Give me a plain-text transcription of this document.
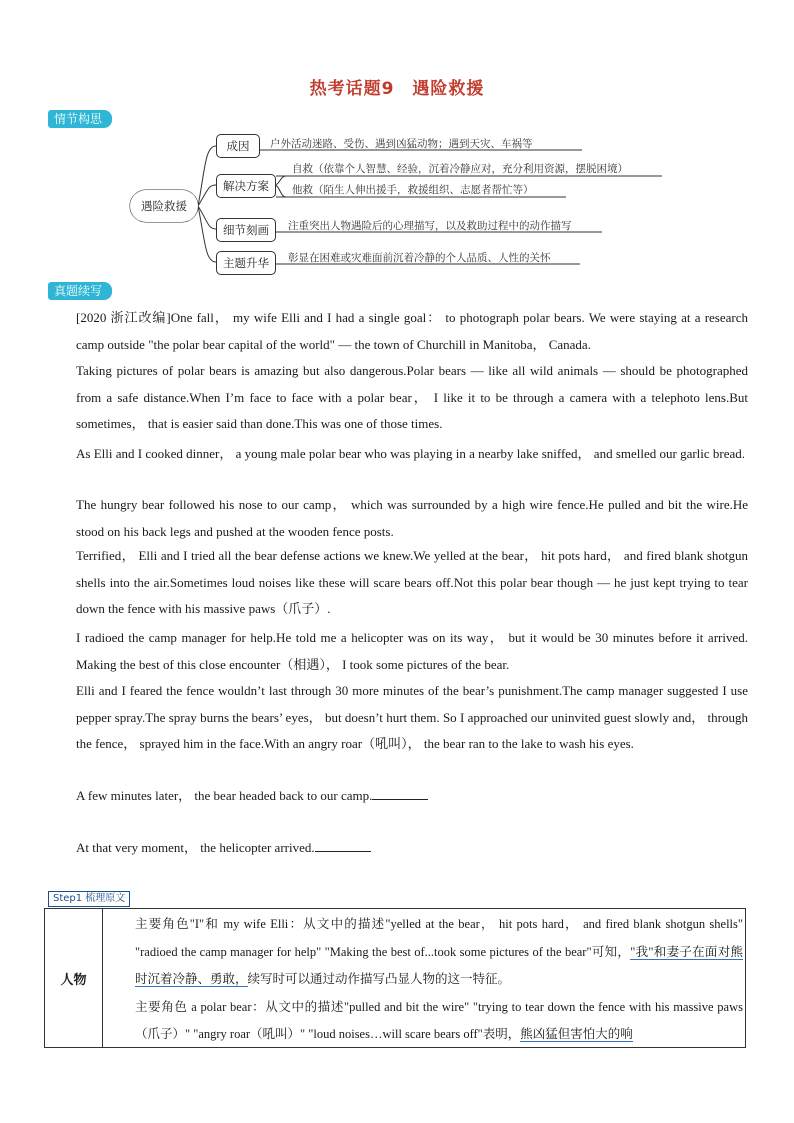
热考话题9　遇险救援
情节构思
遇险救援
成因
解决方案
细节刻画
主题升华
户外活动迷路、受伤、遇到凶猛动物；遇到天灾、车祸等
自救（依靠个人智慧、经验，沉着冷静应对，充分利用资源，摆脱困境）
他救（陌生人伸出援手，救援组织、志愿者帮忙等）
注重突出人物遇险后的心理描写，以及救助过程中的动作描写
彰显在困难或灾难面前沉着冷静的个人品质、人性的关怀
真题续写
[2020 浙江改编]One fall， my wife Elli and I had a single goal： to photograph polar bears. We were staying at a research camp outside "the polar bear capital of the world" — the town of Churchill in Manitoba， Canada.
Taking pictures of polar bears is amazing but also dangerous.Polar bears — like all wild animals — should be photographed from a safe distance.When I’m face to face with a polar bear， I like it to be through a camera with a telephoto lens.But sometimes， that is easier said than done.This was one of those times.
As Elli and I cooked dinner， a young male polar bear who was playing in a nearby lake sniffed， and smelled our garlic bread.
The hungry bear followed his nose to our camp， which was surrounded by a high wire fence.He pulled and bit the wire.He stood on his back legs and pushed at the wooden fence posts.
Terrified， Elli and I tried all the bear defense actions we knew.We yelled at the bear， hit pots hard， and fired blank shotgun shells into the air.Sometimes loud noises like these will scare bears off.Not this polar bear though — he just kept trying to tear down the fence with his massive paws（爪子）.
I radioed the camp manager for help.He told me a helicopter was on its way， but it would be 30 minutes before it arrived. Making the best of this close encounter（相遇）， I took some pictures of the bear.
Elli and I feared the fence wouldn’t last through 30 more minutes of the bear’s punishment.The camp manager suggested I use pepper spray.The spray burns the bears’ eyes， but doesn’t hurt them. So I approached our uninvited guest slowly and， through the fence， sprayed him in the face.With an angry roar（吼叫）， the bear ran to the lake to wash his eyes.
A few minutes later， the bear headed back to our camp.
At that very moment， the helicopter arrived.
Step1 梳理原文
人物
主要角色"I"和 my wife Elli：从文中的描述"yelled at the bear， hit pots hard， and fired blank shotgun shells" "radioed the camp manager for help" "Making the best of...took some pictures of the bear"可知，"我"和妻子在面对熊时沉着冷静、勇敢，续写时可以通过动作描写凸显人物的这一特征。
主要角色 a polar bear：从文中的描述"pulled and bit the wire" "trying to tear down the fence with his massive paws（爪子）" "angry roar（吼叫）" "loud noises…will scare bears off"表明，熊凶猛但害怕大的响
